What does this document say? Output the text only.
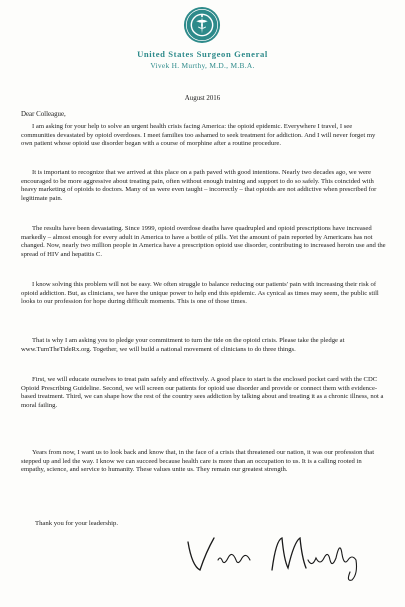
United States Surgeon General
Vivek H. Murthy, M.D., M.B.A.
August 2016
Dear Colleague,

I am asking for your help to solve an urgent health crisis facing America: the opioid epidemic. Everywhere I travel, I see communities devastated by opioid overdoses. I meet families too ashamed to seek treatment for addiction. And I will never forget my own patient whose opioid use disorder began with a course of morphine after a routine procedure.

It is important to recognize that we arrived at this place on a path paved with good intentions. Nearly two decades ago, we were encouraged to be more aggressive about treating pain, often without enough training and support to do so safely. This coincided with heavy marketing of opioids to doctors. Many of us were even taught – incorrectly – that opioids are not addictive when prescribed for legitimate pain.

The results have been devastating. Since 1999, opioid overdose deaths have quadrupled and opioid prescriptions have increased markedly – almost enough for every adult in America to have a bottle of pills. Yet the amount of pain reported by Americans has not changed. Now, nearly two million people in America have a prescription opioid use disorder, contributing to increased heroin use and the spread of HIV and hepatitis C.

I know solving this problem will not be easy. We often struggle to balance reducing our patients' pain with increasing their risk of opioid addiction. But, as clinicians, we have the unique power to help end this epidemic. As cynical as times may seem, the public still looks to our profession for hope during difficult moments. This is one of those times.

That is why I am asking you to pledge your commitment to turn the tide on the opioid crisis. Please take the pledge at www.TurnTheTideRx.org. Together, we will build a national movement of clinicians to do three things.

First, we will educate ourselves to treat pain safely and effectively. A good place to start is the enclosed pocket card with the CDC Opioid Prescribing Guideline. Second, we will screen our patients for opioid use disorder and provide or connect them with evidence-based treatment. Third, we can shape how the rest of the country sees addiction by talking about and treating it as a chronic illness, not a moral failing.

Years from now, I want us to look back and know that, in the face of a crisis that threatened our nation, it was our profession that stepped up and led the way. I know we can succeed because health care is more than an occupation to us. It is a calling rooted in empathy, science, and service to humanity. These values unite us. They remain our greatest strength.

Thank you for your leadership.
